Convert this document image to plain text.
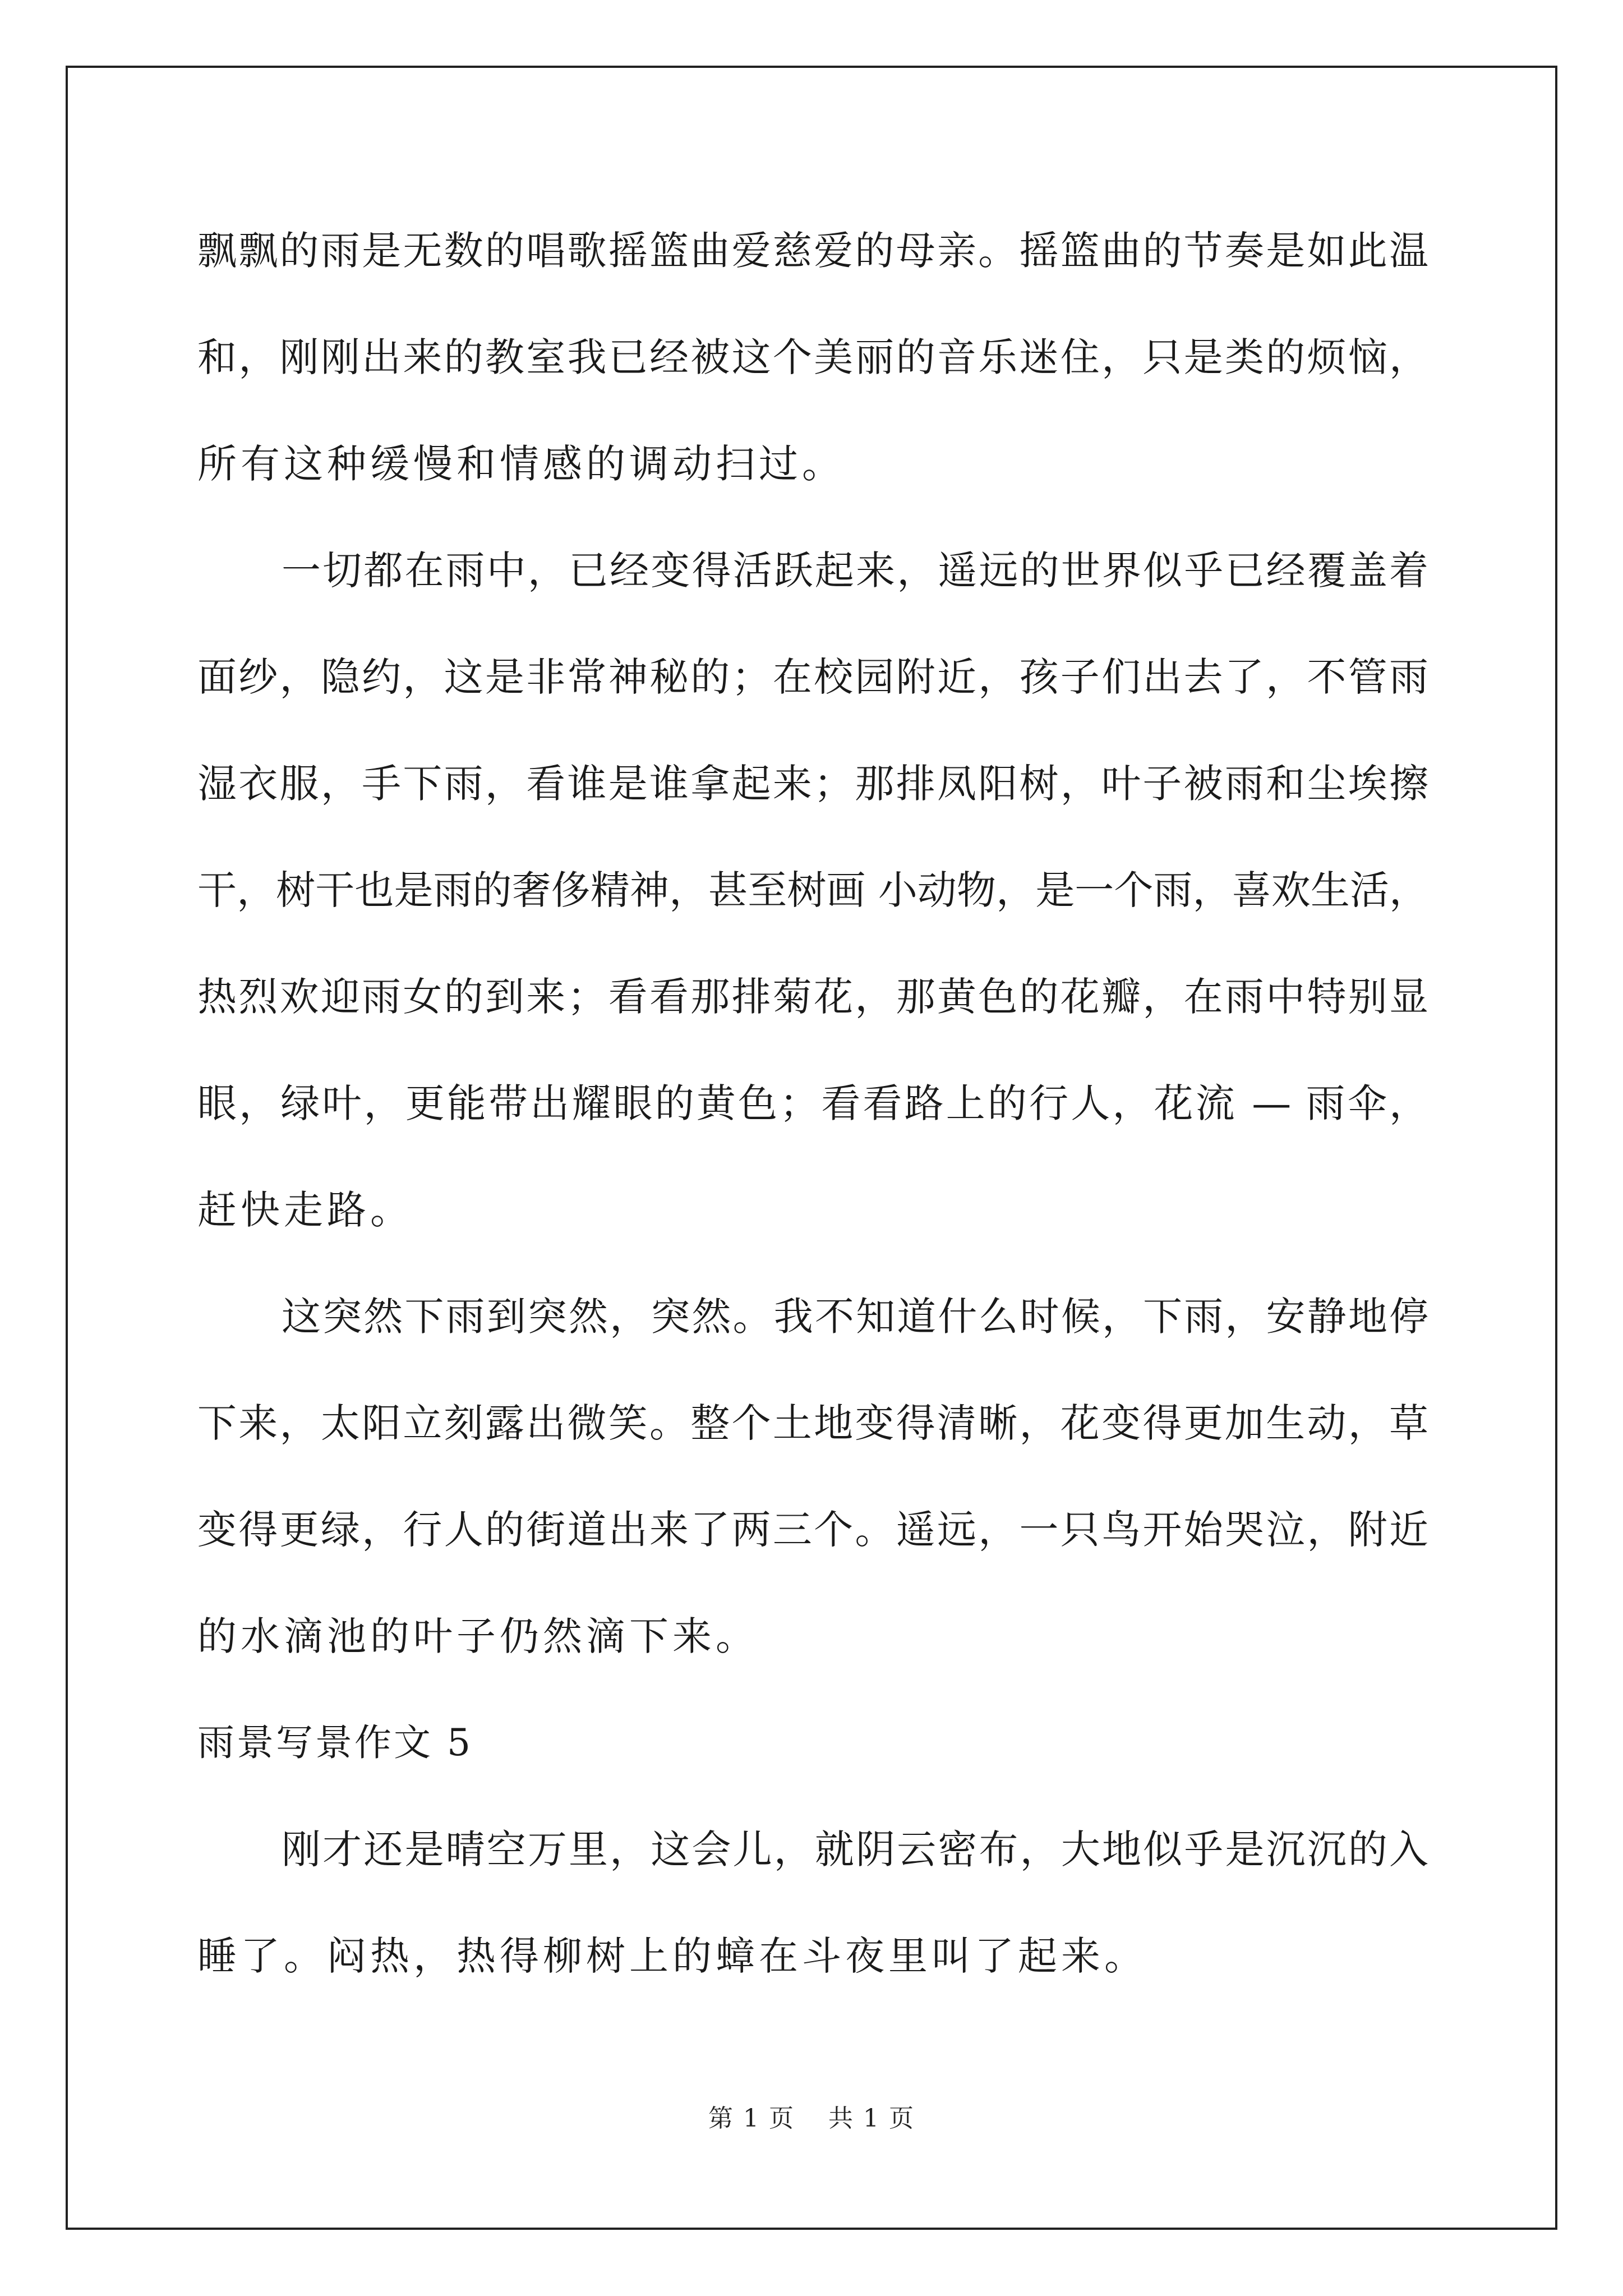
飘飘的雨是无数的唱歌摇篮曲爱慈爱的母亲。摇篮曲的节奏是如此温
和，刚刚出来的教室我已经被这个美丽的音乐迷住，只是类的烦恼，
所有这种缓慢和情感的调动扫过。
一切都在雨中，已经变得活跃起来，遥远的世界似乎已经覆盖着
面纱，隐约，这是非常神秘的；在校园附近，孩子们出去了，不管雨
湿衣服，手下雨，看谁是谁拿起来；那排凤阳树，叶子被雨和尘埃擦
干，树干也是雨的奢侈精神，甚至树画 小动物，是一个雨，喜欢生活，
热烈欢迎雨女的到来；看看那排菊花，那黄色的花瓣，在雨中特别显
眼，绿叶，更能带出耀眼的黄色；看看路上的行人，花流 — 雨伞，
赶快走路。
这突然下雨到突然，突然。我不知道什么时候，下雨，安静地停
下来，太阳立刻露出微笑。整个土地变得清晰，花变得更加生动，草
变得更绿，行人的街道出来了两三个。遥远，一只鸟开始哭泣，附近
的水滴池的叶子仍然滴下来。
雨景写景作文 5
刚才还是晴空万里，这会儿，就阴云密布，大地似乎是沉沉的入
睡了。闷热，热得柳树上的蟑在斗夜里叫了起来。
第 1 页 共 1 页
